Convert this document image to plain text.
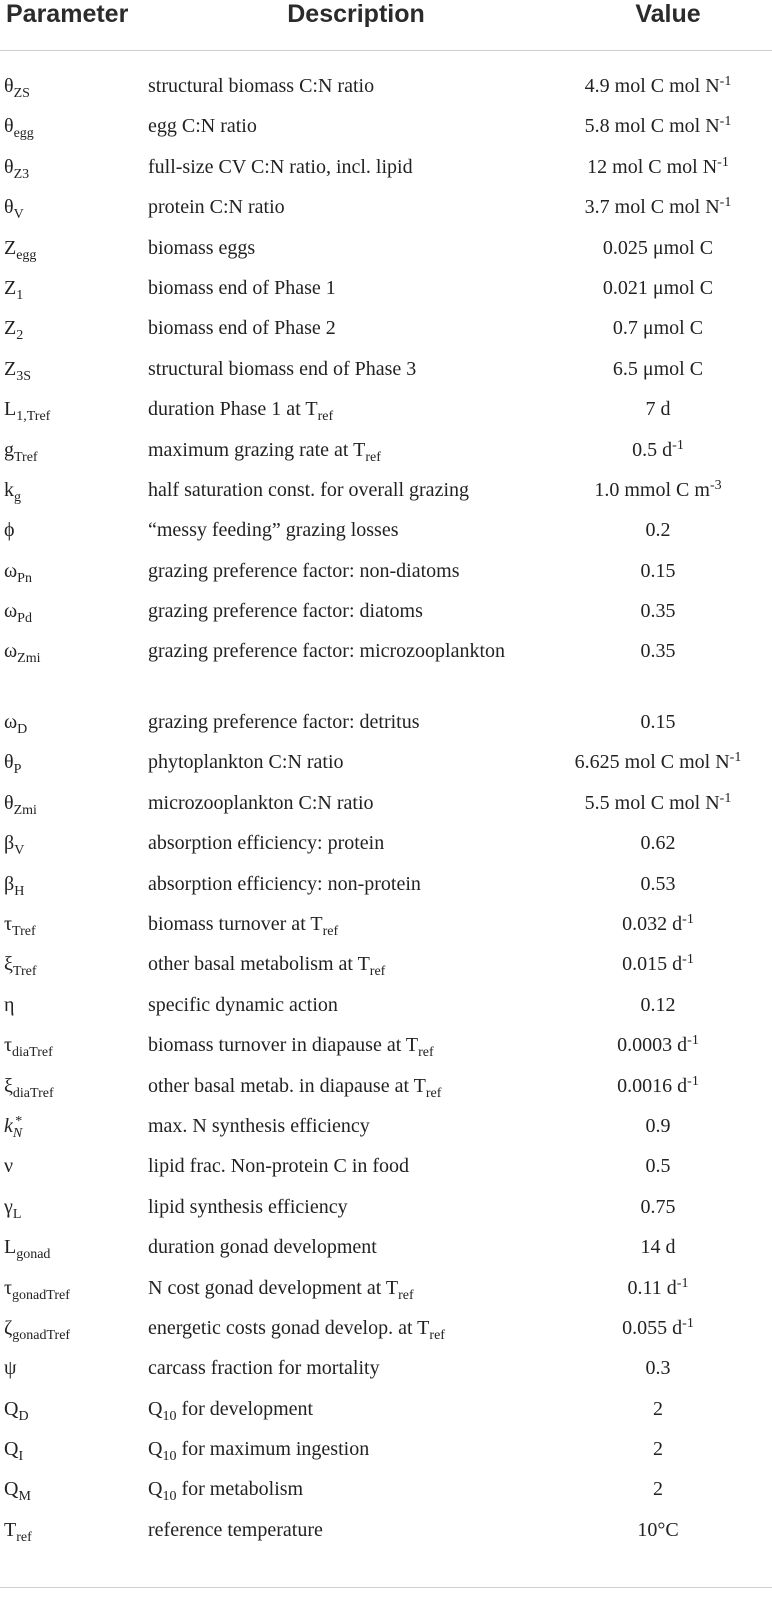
Parameter	Description	Value
$\theta_{ZS}$	structural biomass C:N ratio	4.9 mol C mol $N^{-1}$
$\theta_{egg}$	egg C:N ratio	5.8 mol C mol $N^{-1}$
$\theta_{Z3}$	full-size CV C:N ratio, incl. lipid	12 mol C mol $N^{-1}$
$\theta_V$	protein C:N ratio	3.7 mol C mol $N^{-1}$
$Z_{egg}$	biomass eggs	0.025 μmol C
$Z_1$	biomass end of Phase 1	0.021 μmol C
$Z_2$	biomass end of Phase 2	0.7 μmol C
$Z_{3S}$	structural biomass end of Phase 3	6.5 μmol C
$L_{1,Tref}$	duration Phase 1 at $T_{ref}$	7 d
$g_{Tref}$	maximum grazing rate at $T_{ref}$	0.5 $d^{-1}$
$k_g$	half saturation const. for overall grazing	1.0 mmol C $m^{-3}$
ϕ	“messy feeding” grazing losses	0.2
$\omega_{Pn}$	grazing preference factor: non-diatoms	0.15
$\omega_{Pd}$	grazing preference factor: diatoms	0.35
$\omega_{Zmi}$	grazing preference factor: microzooplankton	0.35
$\omega_D$	grazing preference factor: detritus	0.15
$\theta_P$	phytoplankton C:N ratio	6.625 mol C mol $N^{-1}$
$\theta_{Zmi}$	microzooplankton C:N ratio	5.5 mol C mol $N^{-1}$
$\beta_V$	absorption efficiency: protein	0.62
$\beta_H$	absorption efficiency: non-protein	0.53
$\tau_{Tref}$	biomass turnover at $T_{ref}$	0.032 $d^{-1}$
$\xi_{Tref}$	other basal metabolism at $T_{ref}$	0.015 $d^{-1}$
η	specific dynamic action	0.12
$\tau_{diaTref}$	biomass turnover in diapause at $T_{ref}$	0.0003 $d^{-1}$
$\xi_{diaTref}$	other basal metab. in diapause at $T_{ref}$	0.0016 $d^{-1}$
$k_N^*$	max. N synthesis efficiency	0.9
ν	lipid frac. Non-protein C in food	0.5
$\gamma_L$	lipid synthesis efficiency	0.75
$L_{gonad}$	duration gonad development	14 d
$\tau_{gonadTref}$	N cost gonad development at $T_{ref}$	0.11 $d^{-1}$
$\zeta_{gonadTref}$	energetic costs gonad develop. at $T_{ref}$	0.055 $d^{-1}$
ψ	carcass fraction for mortality	0.3
$Q_D$	$Q_{10}$ for development	2
$Q_I$	$Q_{10}$ for maximum ingestion	2
$Q_M$	$Q_{10}$ for metabolism	2
$T_{ref}$	reference temperature	10°C
